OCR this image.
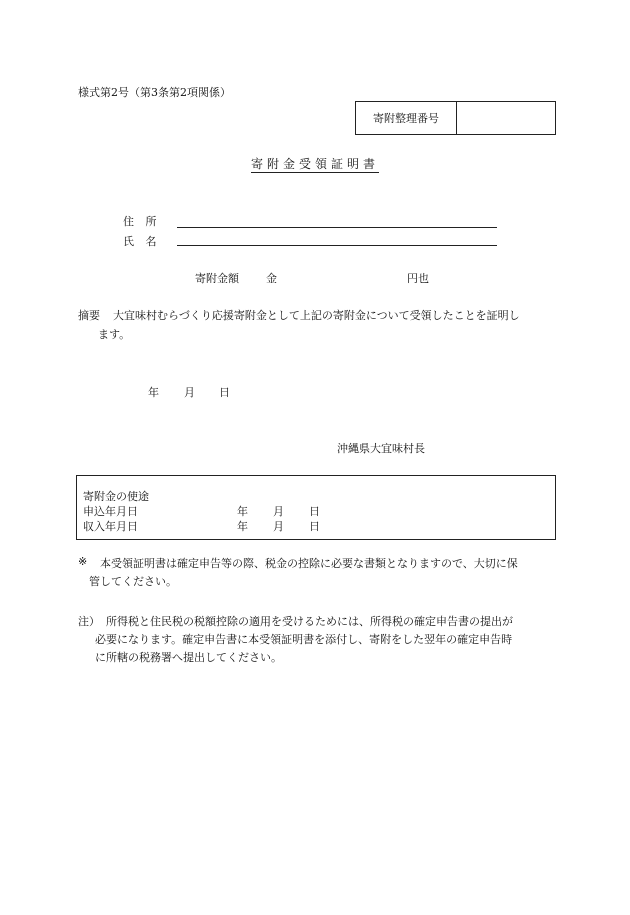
様式第2号（第3条第2項関係）
寄附整理番号
寄附金受領証明書
住 所
氏 名
寄附金額 金	円也
摘要 大宜味村むらづくり応援寄附金として上記の寄附金について受領したことを証明し
ます。
年 月 日
沖縄県大宜味村長
寄附金の使途
申込年月日	年 月 日
収入年月日	年 月 日
※ 本受領証明書は確定申告等の際、税金の控除に必要な書類となりますので、大切に保
管してください。
注） 所得税と住民税の税額控除の適用を受けるためには、所得税の確定申告書の提出が
必要になります。確定申告書に本受領証明書を添付し、寄附をした翌年の確定申告時
に所轄の税務署へ提出してください。
